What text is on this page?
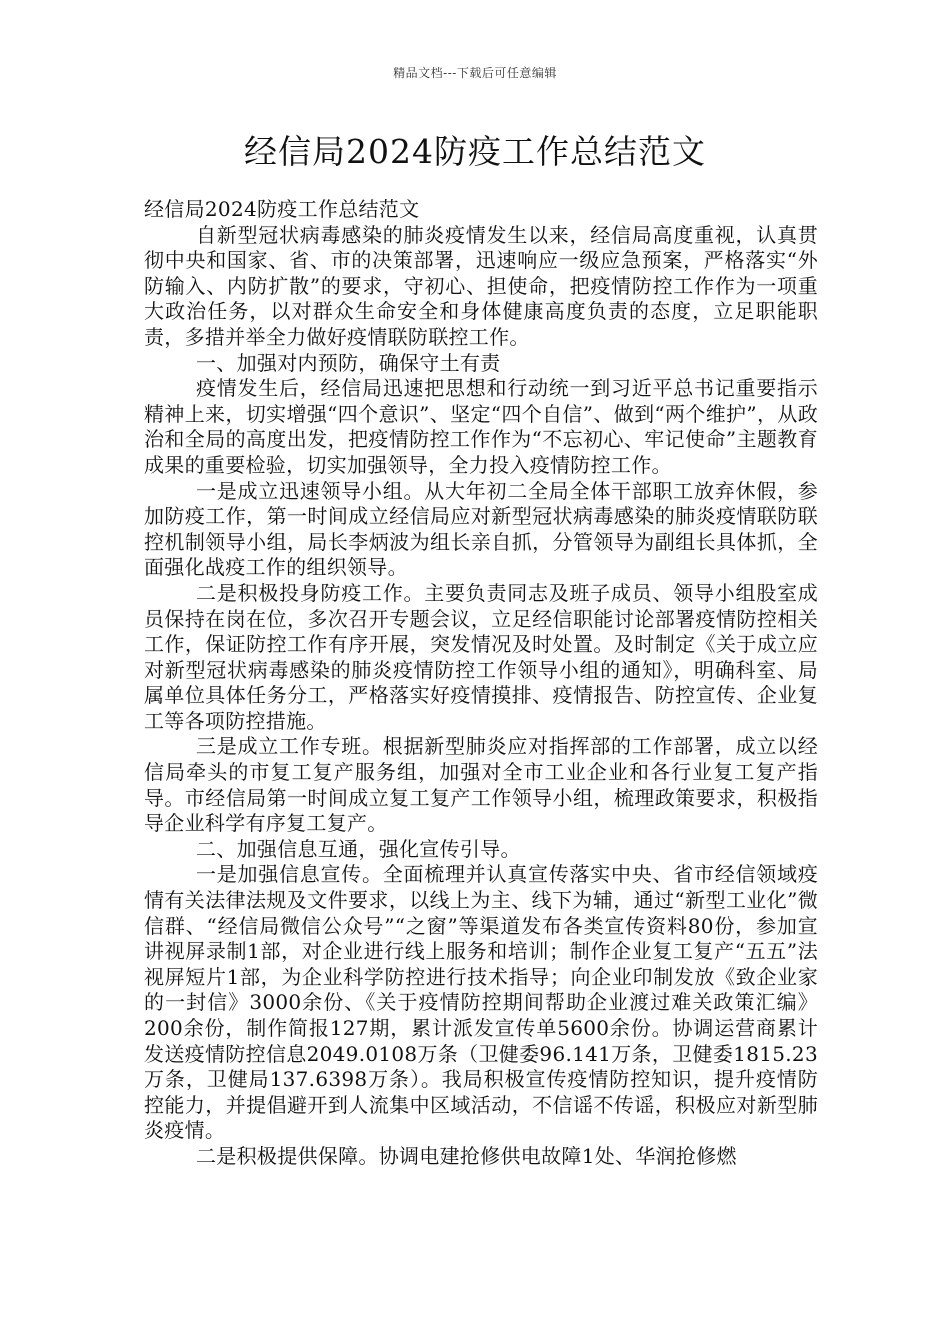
精品文档---下载后可任意编辑
经信局2024防疫工作总结范文

经信局2024防疫工作总结范文

自新型冠状病毒感染的肺炎疫情发生以来，经信局高度重视，认真贯彻中央和国家、省、市的决策部署，迅速响应一级应急预案，严格落实“外防输入、内防扩散”的要求，守初心、担使命，把疫情防控工作作为一项重大政治任务，以对群众生命安全和身体健康高度负责的态度，立足职能职责，多措并举全力做好疫情联防联控工作。

一、加强对内预防，确保守土有责

疫情发生后，经信局迅速把思想和行动统一到习近平总书记重要指示精神上来，切实增强“四个意识”、坚定“四个自信”、做到“两个维护”，从政治和全局的高度出发，把疫情防控工作作为“不忘初心、牢记使命”主题教育成果的重要检验，切实加强领导，全力投入疫情防控工作。

一是成立迅速领导小组。从大年初二全局全体干部职工放弃休假，参加防疫工作，第一时间成立经信局应对新型冠状病毒感染的肺炎疫情联防联控机制领导小组，局长李炳波为组长亲自抓，分管领导为副组长具体抓，全面强化战疫工作的组织领导。

二是积极投身防疫工作。主要负责同志及班子成员、领导小组股室成员保持在岗在位，多次召开专题会议，立足经信职能讨论部署疫情防控相关工作，保证防控工作有序开展，突发情况及时处置。及时制定《关于成立应对新型冠状病毒感染的肺炎疫情防控工作领导小组的通知》，明确科室、局属单位具体任务分工，严格落实好疫情摸排、疫情报告、防控宣传、企业复工等各项防控措施。

三是成立工作专班。根据新型肺炎应对指挥部的工作部署，成立以经信局牵头的市复工复产服务组，加强对全市工业企业和各行业复工复产指导。市经信局第一时间成立复工复产工作领导小组，梳理政策要求，积极指导企业科学有序复工复产。

二、加强信息互通，强化宣传引导。

一是加强信息宣传。全面梳理并认真宣传落实中央、省市经信领域疫情有关法律法规及文件要求，以线上为主、线下为辅，通过“新型工业化”微信群、“经信局微信公众号”“之窗”等渠道发布各类宣传资料80份，参加宣讲视屏录制1部，对企业进行线上服务和培训；制作企业复工复产“五五”法视屏短片1部，为企业科学防控进行技术指导；向企业印制发放《致企业家的一封信》3000余份、《关于疫情防控期间帮助企业渡过难关政策汇编》200余份，制作简报127期，累计派发宣传单5600余份。协调运营商累计发送疫情防控信息2049.0108万条（卫健委96.141万条，卫健委1815.23万条，卫健局137.6398万条）。我局积极宣传疫情防控知识，提升疫情防控能力，并提倡避开到人流集中区域活动，不信谣不传谣，积极应对新型肺炎疫情。

二是积极提供保障。协调电建抢修供电故障1处、华润抢修燃
